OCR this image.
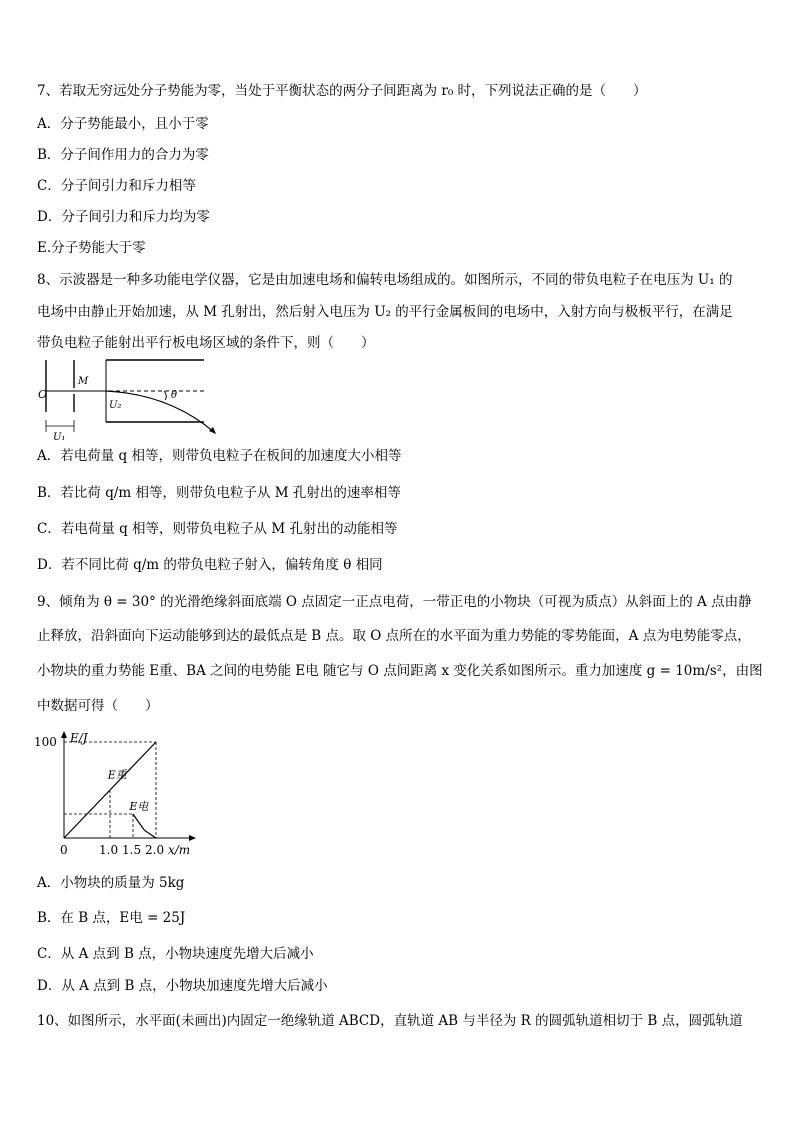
7、若取无穷远处分子势能为零，当处于平衡状态的两分子间距离为 r₀ 时，下列说法正确的是（　　）
A．分子势能最小，且小于零
B．分子间作用力的合力为零
C．分子间引力和斥力相等
D．分子间引力和斥力均为零
E.分子势能大于零
8、示波器是一种多功能电学仪器，它是由加速电场和偏转电场组成的。如图所示，不同的带负电粒子在电压为 U₁ 的
电场中由静止开始加速，从 M 孔射出，然后射入电压为 U₂ 的平行金属板间的电场中，入射方向与极板平行，在满足
带负电粒子能射出平行板电场区域的条件下，则（　　）
O
M
U₂
θ
U₁
A．若电荷量 q 相等，则带负电粒子在板间的加速度大小相等
B．若比荷 q/m 相等，则带负电粒子从 M 孔射出的速率相等
C．若电荷量 q 相等，则带负电粒子从 M 孔射出的动能相等
D．若不同比荷 q/m 的带负电粒子射入，偏转角度 θ 相同
9、倾角为 θ = 30° 的光滑绝缘斜面底端 O 点固定一正点电荷，一带正电的小物块（可视为质点）从斜面上的 A 点由静
止释放，沿斜面向下运动能够到达的最低点是 B 点。取 O 点所在的水平面为重力势能的零势能面，A 点为电势能零点，
小物块的重力势能 E重、BA 之间的电势能 E电 随它与 O 点间距离 x 变化关系如图所示。重力加速度 g = 10m/s²，由图
中数据可得（　　）
E/J
x/m
E重
E电
100
0	1.0 1.5 2.0
A．小物块的质量为 5kg
B．在 B 点，E电 = 25J
C．从 A 点到 B 点，小物块速度先增大后减小
D．从 A 点到 B 点，小物块加速度先增大后减小
10、如图所示，水平面(未画出)内固定一绝缘轨道 ABCD，直轨道 AB 与半径为 R 的圆弧轨道相切于 B 点，圆弧轨道
